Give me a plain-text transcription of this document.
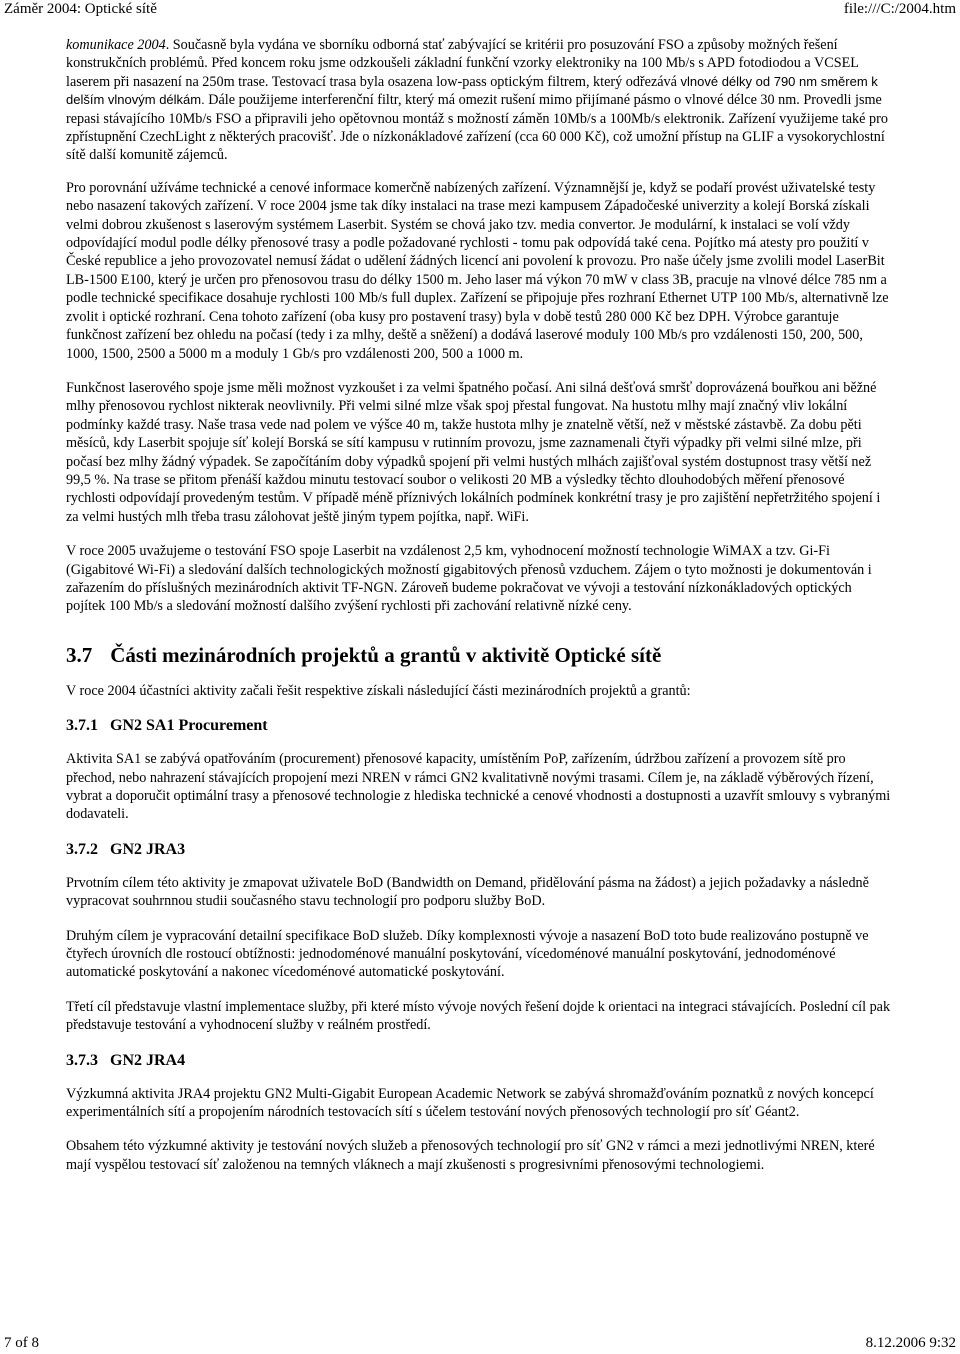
Záměr 2004: Optické sítě	file:///C:/2004.htm

komunikace 2004. Současně byla vydána ve sborníku odborná stať zabývající se kritérii pro posuzování FSO a způsoby možných řešení konstrukčních problémů. Před koncem roku jsme odzkoušeli základní funkční vzorky elektroniky na 100 Mb/s s APD fotodiodou a VCSEL laserem při nasazení na 250m trase. Testovací trasa byla osazena low-pass optickým filtrem, který odřezává vlnové délky od 790 nm směrem k delším vlnovým délkám. Dále použijeme interferenční filtr, který má omezit rušení mimo přijímané pásmo o vlnové délce 30 nm. Provedli jsme repasi stávajícího 10Mb/s FSO a připravili jeho opětovnou montáž s možností záměn 10Mb/s a 100Mb/s elektronik. Zařízení využijeme také pro zpřístupnění CzechLight z některých pracovišť. Jde o nízkonákladové zařízení (cca 60 000 Kč), což umožní přístup na GLIF a vysokorychlostní sítě další komunitě zájemců.

Pro porovnání užíváme technické a cenové informace komerčně nabízených zařízení. Významnější je, když se podaří provést uživatelské testy nebo nasazení takových zařízení. V roce 2004 jsme tak díky instalaci na trase mezi kampusem Západočeské univerzity a kolejí Borská získali velmi dobrou zkušenost s laserovým systémem Laserbit. Systém se chová jako tzv. media convertor. Je modulární, k instalaci se volí vždy odpovídající modul podle délky přenosové trasy a podle požadované rychlosti - tomu pak odpovídá také cena. Pojítko má atesty pro použití v České republice a jeho provozovatel nemusí žádat o udělení žádných licencí ani povolení k provozu. Pro naše účely jsme zvolili model LaserBit LB-1500 E100, který je určen pro přenosovou trasu do délky 1500 m. Jeho laser má výkon 70 mW v class 3B, pracuje na vlnové délce 785 nm a podle technické specifikace dosahuje rychlosti 100 Mb/s full duplex. Zařízení se připojuje přes rozhraní Ethernet UTP 100 Mb/s, alternativně lze zvolit i optické rozhraní. Cena tohoto zařízení (oba kusy pro postavení trasy) byla v době testů 280 000 Kč bez DPH. Výrobce garantuje funkčnost zařízení bez ohledu na počasí (tedy i za mlhy, deště a sněžení) a dodává laserové moduly 100 Mb/s pro vzdálenosti 150, 200, 500, 1000, 1500, 2500 a 5000 m a moduly 1 Gb/s pro vzdálenosti 200, 500 a 1000 m.

Funkčnost laserového spoje jsme měli možnost vyzkoušet i za velmi špatného počasí. Ani silná dešťová smršť doprovázená bouřkou ani běžné mlhy přenosovou rychlost nikterak neovlivnily. Při velmi silné mlze však spoj přestal fungovat. Na hustotu mlhy mají značný vliv lokální podmínky každé trasy. Naše trasa vede nad polem ve výšce 40 m, takže hustota mlhy je znatelně větší, než v městské zástavbě. Za dobu pěti měsíců, kdy Laserbit spojuje síť kolejí Borská se sítí kampusu v rutinním provozu, jsme zaznamenali čtyři výpadky při velmi silné mlze, při počasí bez mlhy žádný výpadek. Se započítáním doby výpadků spojení při velmi hustých mlhách zajišťoval systém dostupnost trasy větší než 99,5 %. Na trase se přitom přenáší každou minutu testovací soubor o velikosti 20 MB a výsledky těchto dlouhodobých měření přenosové rychlosti odpovídají provedeným testům. V případě méně příznivých lokálních podmínek konkrétní trasy je pro zajištění nepřetržitého spojení i za velmi hustých mlh třeba trasu zálohovat ještě jiným typem pojítka, např. WiFi.

V roce 2005 uvažujeme o testování FSO spoje Laserbit na vzdálenost 2,5 km, vyhodnocení možností technologie WiMAX a tzv. Gi-Fi (Gigabitové Wi-Fi) a sledování dalších technologických možností gigabitových přenosů vzduchem. Zájem o tyto možnosti je dokumentován i zařazením do příslušných mezinárodních aktivit TF-NGN. Zároveň budeme pokračovat ve vývoji a testování nízkonákladových optických pojítek 100 Mb/s a sledování možností dalšího zvýšení rychlosti při zachování relativně nízké ceny.

3.7 Části mezinárodních projektů a grantů v aktivitě Optické sítě

V roce 2004 účastníci aktivity začali řešit respektive získali následující části mezinárodních projektů a grantů:

3.7.1 GN2 SA1 Procurement

Aktivita SA1 se zabývá opatřováním (procurement) přenosové kapacity, umístěním PoP, zařízením, údržbou zařízení a provozem sítě pro přechod, nebo nahrazení stávajících propojení mezi NREN v rámci GN2 kvalitativně novými trasami. Cílem je, na základě výběrových řízení, vybrat a doporučit optimální trasy a přenosové technologie z hlediska technické a cenové vhodnosti a dostupnosti a uzavřít smlouvy s vybranými dodavateli.

3.7.2 GN2 JRA3

Prvotním cílem této aktivity je zmapovat uživatele BoD (Bandwidth on Demand, přidělování pásma na žádost) a jejich požadavky a následně vypracovat souhrnnou studii současného stavu technologií pro podporu služby BoD.

Druhým cílem je vypracování detailní specifikace BoD služeb. Díky komplexnosti vývoje a nasazení BoD toto bude realizováno postupně ve čtyřech úrovních dle rostoucí obtížnosti: jednodoménové manuální poskytování, vícedoménové manuální poskytování, jednodoménové automatické poskytování a nakonec vícedoménové automatické poskytování.

Třetí cíl představuje vlastní implementace služby, při které místo vývoje nových řešení dojde k orientaci na integraci stávajících. Poslední cíl pak představuje testování a vyhodnocení služby v reálném prostředí.

3.7.3 GN2 JRA4

Výzkumná aktivita JRA4 projektu GN2 Multi-Gigabit European Academic Network se zabývá shromažďováním poznatků z nových koncepcí experimentálních sítí a propojením národních testovacích sítí s účelem testování nových přenosových technologií pro síť Géant2.

Obsahem této výzkumné aktivity je testování nových služeb a přenosových technologií pro síť GN2 v rámci a mezi jednotlivými NREN, které mají vyspělou testovací síť založenou na temných vláknech a mají zkušenosti s progresivními přenosovými technologiemi.

7 of 8	8.12.2006 9:32
